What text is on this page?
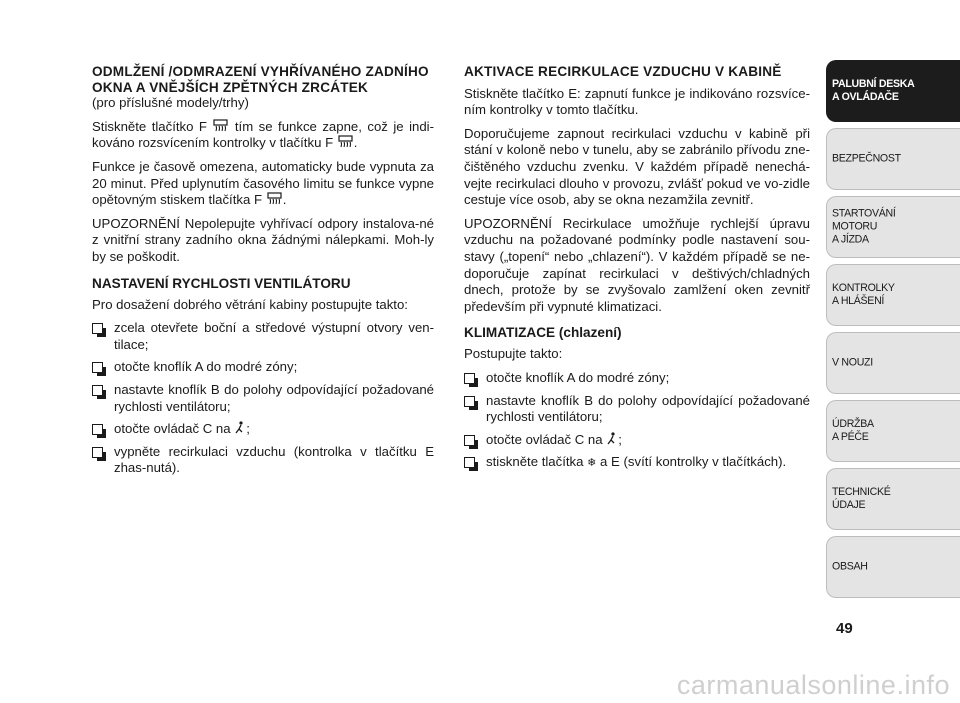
ODMLŽENÍ /ODMRAZENÍ VYHŘÍVANÉHO ZADNÍHO OKNA A VNĚJŠÍCH ZPĚTNÝCH ZRCÁTEK

(pro příslušné modely/trhy)

Stiskněte tlačítko F tím se funkce zapne, což je indi-kováno rozsvícením kontrolky v tlačítku F .

Funkce je časově omezena, automaticky bude vypnuta za 20 minut. Před uplynutím časového limitu se funkce vypne opětovným stiskem tlačítka F .

UPOZORNĚNÍ Nepolepujte vyhřívací odpory instalova-né z vnitřní strany zadního okna žádnými nálepkami. Moh-ly by se poškodit.

NASTAVENÍ RYCHLOSTI VENTILÁTORU

Pro dosažení dobrého větrání kabiny postupujte takto:

zcela otevřete boční a středové výstupní otvory ven-tilace;
otočte knoflík A do modré zóny;
nastavte knoflík B do polohy odpovídající požadované rychlosti ventilátoru;
otočte ovládač C na ;
vypněte recirkulaci vzduchu (kontrolka v tlačítku E zhas-nutá).
AKTIVACE RECIRKULACE VZDUCHU V KABINĚ

Stiskněte tlačítko E: zapnutí funkce je indikováno rozsvíce-ním kontrolky v tomto tlačítku.

Doporučujeme zapnout recirkulaci vzduchu v kabině při stání v koloně nebo v tunelu, aby se zabránilo přívodu zne-čištěného vzduchu zvenku. V každém případě nenechá-vejte recirkulaci dlouho v provozu, zvlášť pokud ve vo-zidle cestuje více osob, aby se okna nezamžila zevnitř.

UPOZORNĚNÍ Recirkulace umožňuje rychlejší úpravu vzduchu na požadované podmínky podle nastavení sou-stavy („topení“ nebo „chlazení“). V každém případě se ne-doporučuje zapínat recirkulaci v deštivých/chladných dnech, protože by se zvyšovalo zamlžení oken zevnitř především při vypnuté klimatizaci.

KLIMATIZACE (chlazení)

Postupujte takto:

otočte knoflík A do modré zóny;
nastavte knoflík B do polohy odpovídající požadované rychlosti ventilátoru;
otočte ovládač C na ;
stiskněte tlačítka ❄ a E (svítí kontrolky v tlačítkách).
PALUBNÍ DESKA
A OVLÁDAČE
BEZPEČNOST
STARTOVÁNÍ
MOTORU
A JÍZDA
KONTROLKY
A HLÁŠENÍ
V NOUZI
ÚDRŽBA
A PÉČE
TECHNICKÉ
ÚDAJE
OBSAH
49
carmanualsonline.info
